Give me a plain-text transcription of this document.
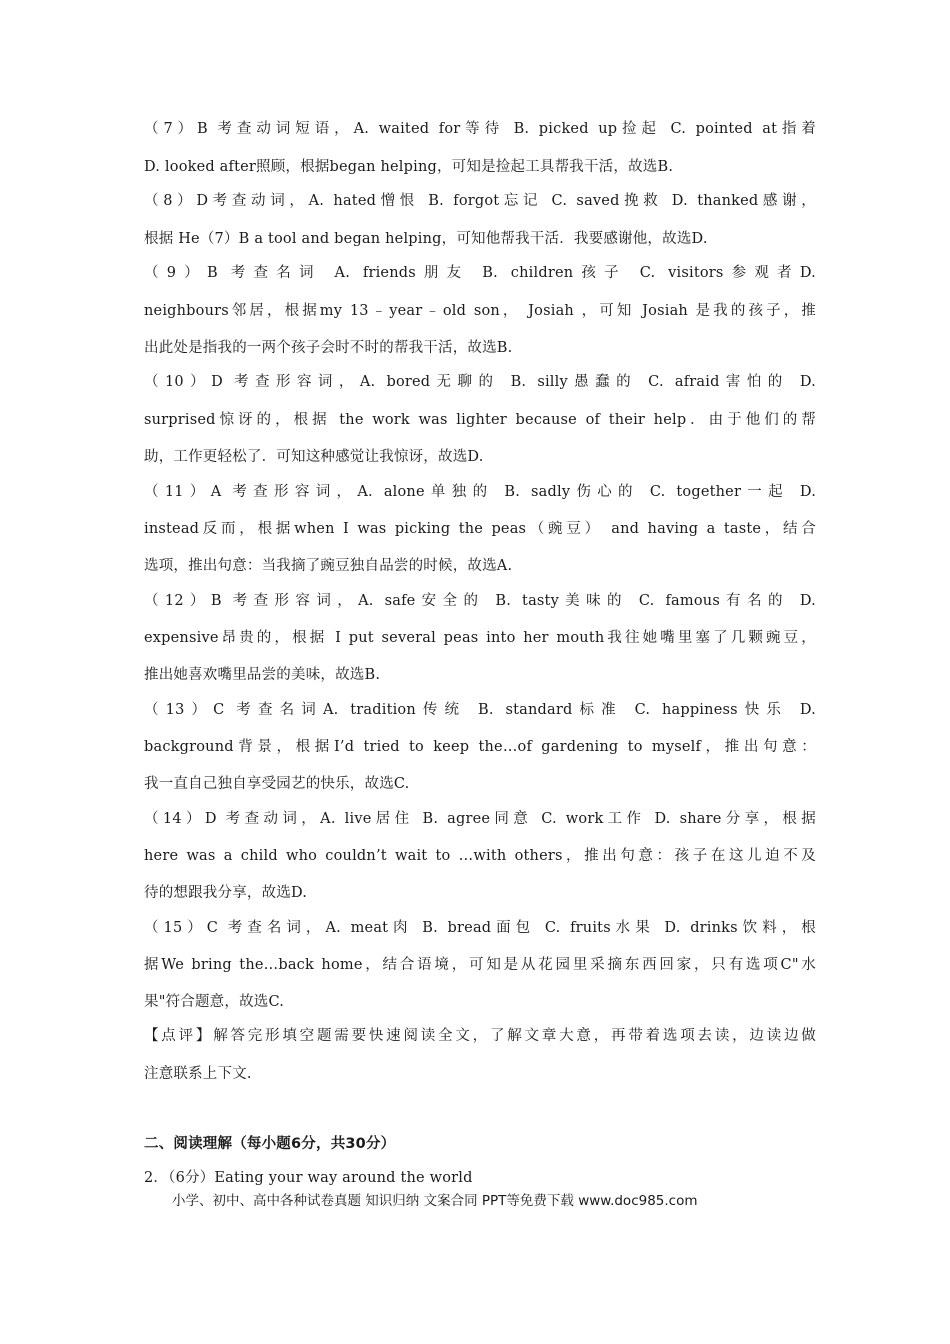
（7）B 考查动词短语，A. waited for等待 B. picked up捡起 C. pointed at指着
D. looked after照顾，根据began helping，可知是捡起工具帮我干活，故选B.
（8）D考查动词，A. hated憎恨 B. forgot忘记 C. saved挽救 D. thanked感谢，
根据 He（7）B a tool and began helping，可知他帮我干活．我要感谢他，故选D.
（9）B 考查名词 A. friends朋友 B. children孩子 C. visitors参观者D.
neighbours邻居，根据my 13﹣year﹣old son， Josiah ，可知 Josiah 是我的孩子，推
出此处是指我的一两个孩子会时不时的帮我干活，故选B.
（10）D 考查形容词，A. bored无聊的 B. silly愚蠢的 C. afraid害怕的 D.
surprised惊讶的，根据 the work was lighter because of their help．由于他们的帮
助，工作更轻松了．可知这种感觉让我惊讶，故选D.
（11）A 考查形容词，A. alone单独的 B. sadly伤心的 C. together一起 D.
instead反而，根据when I was picking the peas（豌豆） and having a taste，结合
选项，推出句意：当我摘了豌豆独自品尝的时候，故选A.
（12）B 考查形容词，A. safe安全的 B. tasty美味的 C. famous有名的 D.
expensive昂贵的，根据 I put several peas into her mouth我往她嘴里塞了几颗豌豆，
推出她喜欢嘴里品尝的美味，故选B.
（13）C 考查名词A. tradition传统 B. standard标准 C. happiness快乐 D.
background背景，根据I’d tried to keep the…of gardening to myself，推出句意：
我一直自己独自享受园艺的快乐，故选C.
（14）D 考查动词，A. live居住 B. agree同意 C. work工作 D. share分享，根据
here was a child who couldn’t wait to …with others，推出句意：孩子在这儿迫不及
待的想跟我分享，故选D.
（15）C 考查名词，A. meat肉 B. bread面包 C. fruits水果 D. drinks饮料，根
据We bring the…back home，结合语境，可知是从花园里采摘东西回家，只有选项C"水
果"符合题意，故选C.
【点评】解答完形填空题需要快速阅读全文，了解文章大意，再带着选项去读，边读边做
注意联系上下文.
二、阅读理解（每小题6分，共30分）
2．（6分）Eating your way around the world
小学、初中、高中各种试卷真题 知识归纳 文案合同 PPT等免费下载 www.doc985.com
